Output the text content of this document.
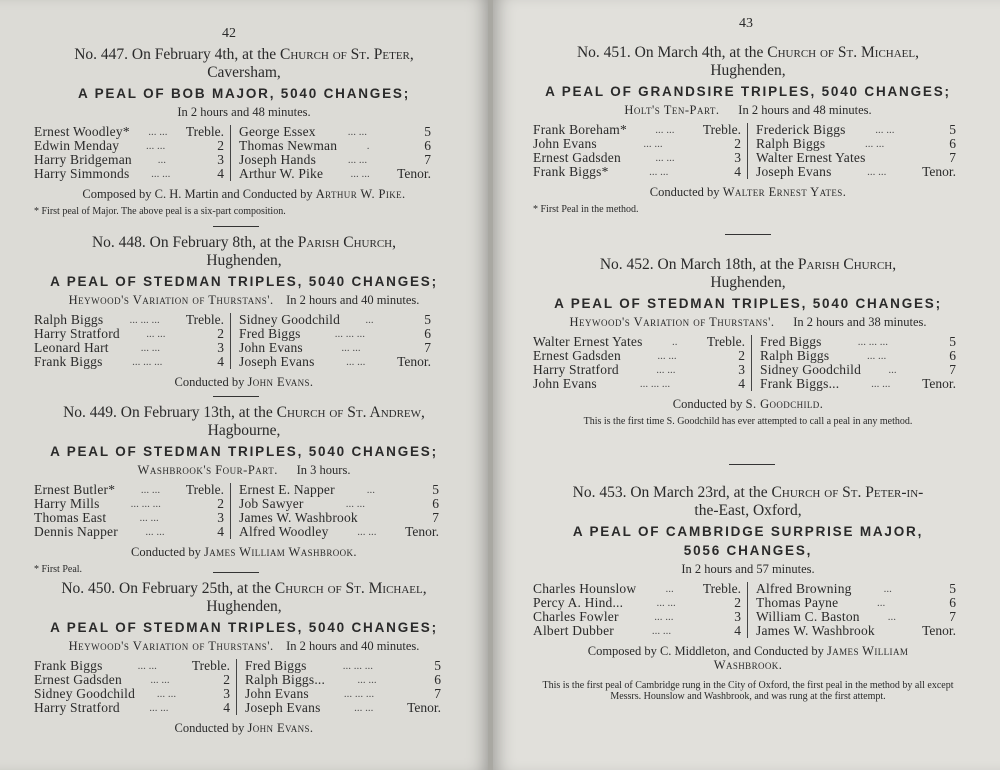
42
No. 447. On February 4th, at the Church of St. Peter,
Caversham,
A PEAL OF BOB MAJOR, 5040 CHANGES;
In 2 hours and 48 minutes.
Ernest Woodley* ... ... Treble.
Edwin Menday ... ...	2
Harry Bridgeman ...	3
Harry Simmonds ... ...	4
George Essex	... ...	5
Thomas Newman	.	6
Joseph Hands	... ...	7
Arthur W. Pike ... ... Tenor.
Composed by C. H. Martin and Conducted by Arthur W. Pike.
* First peal of Major. The above peal is a six-part composition.
No. 448. On February 8th, at the Parish Church,
Hughenden,
A PEAL OF STEDMAN TRIPLES, 5040 CHANGES;
Heywood's Variation of Thurstans'. In 2 hours and 40 minutes.
Ralph Biggs ... ... ... Treble.
Harry Stratford ... ...	2
Leonard Hart	... ...	3
Frank Biggs	... ... ...	4
Sidney Goodchild ...	5
Fred Biggs	... ... ...	6
John Evans	... ...	7
Joseph Evans	... ... Tenor.
Conducted by John Evans.
No. 449. On February 13th, at the Church of St. Andrew,
Hagbourne,
A PEAL OF STEDMAN TRIPLES, 5040 CHANGES;
Washbrook's Four-Part. In 3 hours.
Ernest Butler* ... ... Treble.
Harry Mills	... ... ...	2
Thomas East	... ...	3
Dennis Napper ... ...	4
Ernest E. Napper	...	5
Job Sawyer	... ...	6
James W. Washbrook	7
Alfred Woodley	... ... Tenor.
Conducted by James William Washbrook.
* First Peal.
No. 450. On February 25th, at the Church of St. Michael,
Hughenden,
A PEAL OF STEDMAN TRIPLES, 5040 CHANGES;
Heywood's Variation of Thurstans'. In 2 hours and 40 minutes.
Frank Biggs	... ...	Treble.
Ernest Gadsden	... ...	2
Sidney Goodchild ... ...	3
Harry Stratford	... ...	4
Fred Biggs	... ... ...	5
Ralph Biggs...	... ...	6
John Evans	... ... ...	7
Joseph Evans	... ... Tenor.
Conducted by John Evans.
43
No. 451. On March 4th, at the Church of St. Michael,
Hughenden,
A PEAL OF GRANDSIRE TRIPLES, 5040 CHANGES;
Holt's Ten-Part. In 2 hours and 48 minutes.
Frank Boreham*	... ... Treble.
John Evans	... ...	2
Ernest Gadsden	... ...	3
Frank Biggs*	... ...	4
Frederick Biggs	... ...	5
Ralph Biggs	... ...	6
Walter Ernest Yates	7
Joseph Evans	... ...	Tenor.
Conducted by Walter Ernest Yates.
* First Peal in the method.
No. 452. On March 18th, at the Parish Church,
Hughenden,
A PEAL OF STEDMAN TRIPLES, 5040 CHANGES;
Heywood's Variation of Thurstans'. In 2 hours and 38 minutes.
Walter Ernest Yates	.. Treble.
Ernest Gadsden	... ...	2
Harry Stratford	... ...	3
John Evans	... ... ...	4
Fred Biggs	... ... ...	5
Ralph Biggs	... ...	6
Sidney Goodchild ...	7
Frank Biggs...	... ... Tenor.
Conducted by S. Goodchild.
This is the first time S. Goodchild has ever attempted to call a peal in any method.
No. 453. On March 23rd, at the Church of St. Peter-in-
the-East, Oxford,
A PEAL OF CAMBRIDGE SURPRISE MAJOR,
5056 CHANGES,
In 2 hours and 57 minutes.
Charles Hounslow	... Treble.
Percy A. Hind...	... ...	2
Charles Fowler	... ...	3
Albert Dubber	... ...	4
Alfred Browning	...	5
Thomas Payne	...	6
William C. Baston	...	7
James W. Washbrook	Tenor.
Composed by C. Middleton, and Conducted by James William Washbrook.
This is the first peal of Cambridge rung in the City of Oxford, the first peal in the method by all except Messrs. Hounslow and Washbrook, and was rung at the first attempt.
